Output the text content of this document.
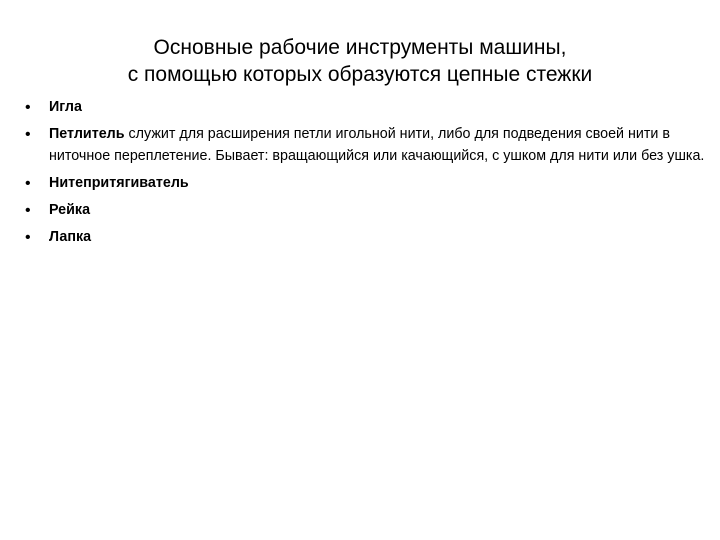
Основные рабочие инструменты машины,
с помощью которых образуются цепные стежки
• Игла
• Петлитель служит для расширения петли игольной нити, либо для подведения своей нити в ниточное переплетение. Бывает: вращающийся или качающийся, с ушком для нити или без ушка.
• Нитепритягиватель
• Рейка
• Лапка
